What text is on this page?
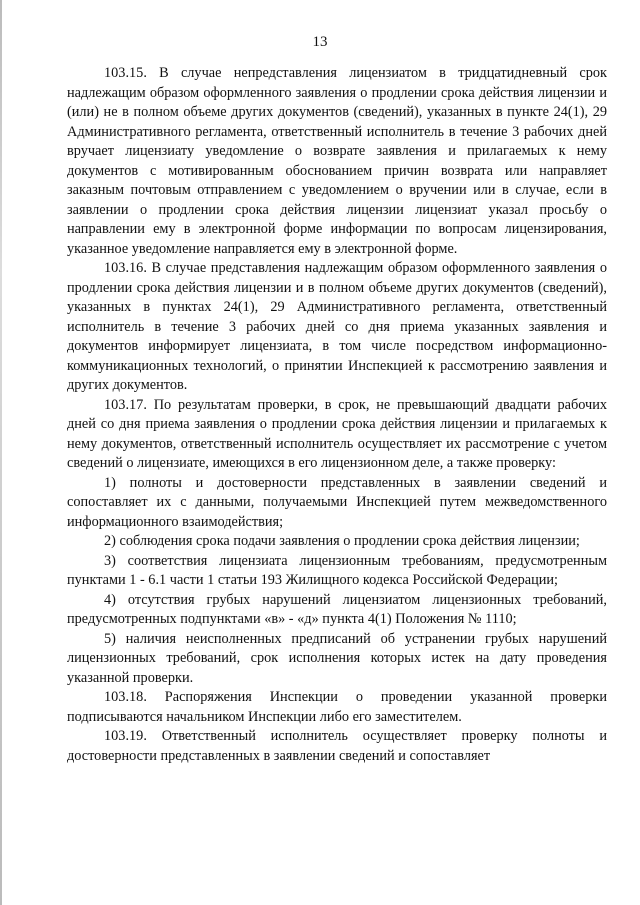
13

103.15. В случае непредставления лицензиатом в тридцатидневный срок надлежащим образом оформленного заявления о продлении срока действия лицензии и (или) не в полном объеме других документов (сведений), указанных в пункте 24(1), 29 Административного регламента, ответственный исполнитель в течение 3 рабочих дней вручает лицензиату уведомление о возврате заявления и прилагаемых к нему документов с мотивированным обоснованием причин возврата или направляет заказным почтовым отправлением с уведомлением о вручении или в случае, если в заявлении о продлении срока действия лицензии лицензиат указал просьбу о направлении ему в электронной форме информации по вопросам лицензирования, указанное уведомление направляется ему в электронной форме.

103.16. В случае представления надлежащим образом оформленного заявления о продлении срока действия лицензии и в полном объеме других документов (сведений), указанных в пунктах 24(1), 29 Административного регламента, ответственный исполнитель в течение 3 рабочих дней со дня приема указанных заявления и документов информирует лицензиата, в том числе посредством информационно-коммуникационных технологий, о принятии Инспекцией к рассмотрению заявления и других документов.

103.17. По результатам проверки, в срок, не превышающий двадцати рабочих дней со дня приема заявления о продлении срока действия лицензии и прилагаемых к нему документов, ответственный исполнитель осуществляет их рассмотрение с учетом сведений о лицензиате, имеющихся в его лицензионном деле, а также проверку:

1) полноты и достоверности представленных в заявлении сведений и сопоставляет их с данными, получаемыми Инспекцией путем межведомственного информационного взаимодействия;

2) соблюдения срока подачи заявления о продлении срока действия лицензии;

3) соответствия лицензиата лицензионным требованиям, предусмотренным пунктами 1 - 6.1 части 1 статьи 193 Жилищного кодекса Российской Федерации;

4) отсутствия грубых нарушений лицензиатом лицензионных требований, предусмотренных подпунктами «в» - «д» пункта 4(1) Положения № 1110;

5) наличия неисполненных предписаний об устранении грубых нарушений лицензионных требований, срок исполнения которых истек на дату проведения указанной проверки.

103.18. Распоряжения Инспекции о проведении указанной проверки подписываются начальником Инспекции либо его заместителем.

103.19. Ответственный исполнитель осуществляет проверку полноты и достоверности представленных в заявлении сведений и сопоставляет
